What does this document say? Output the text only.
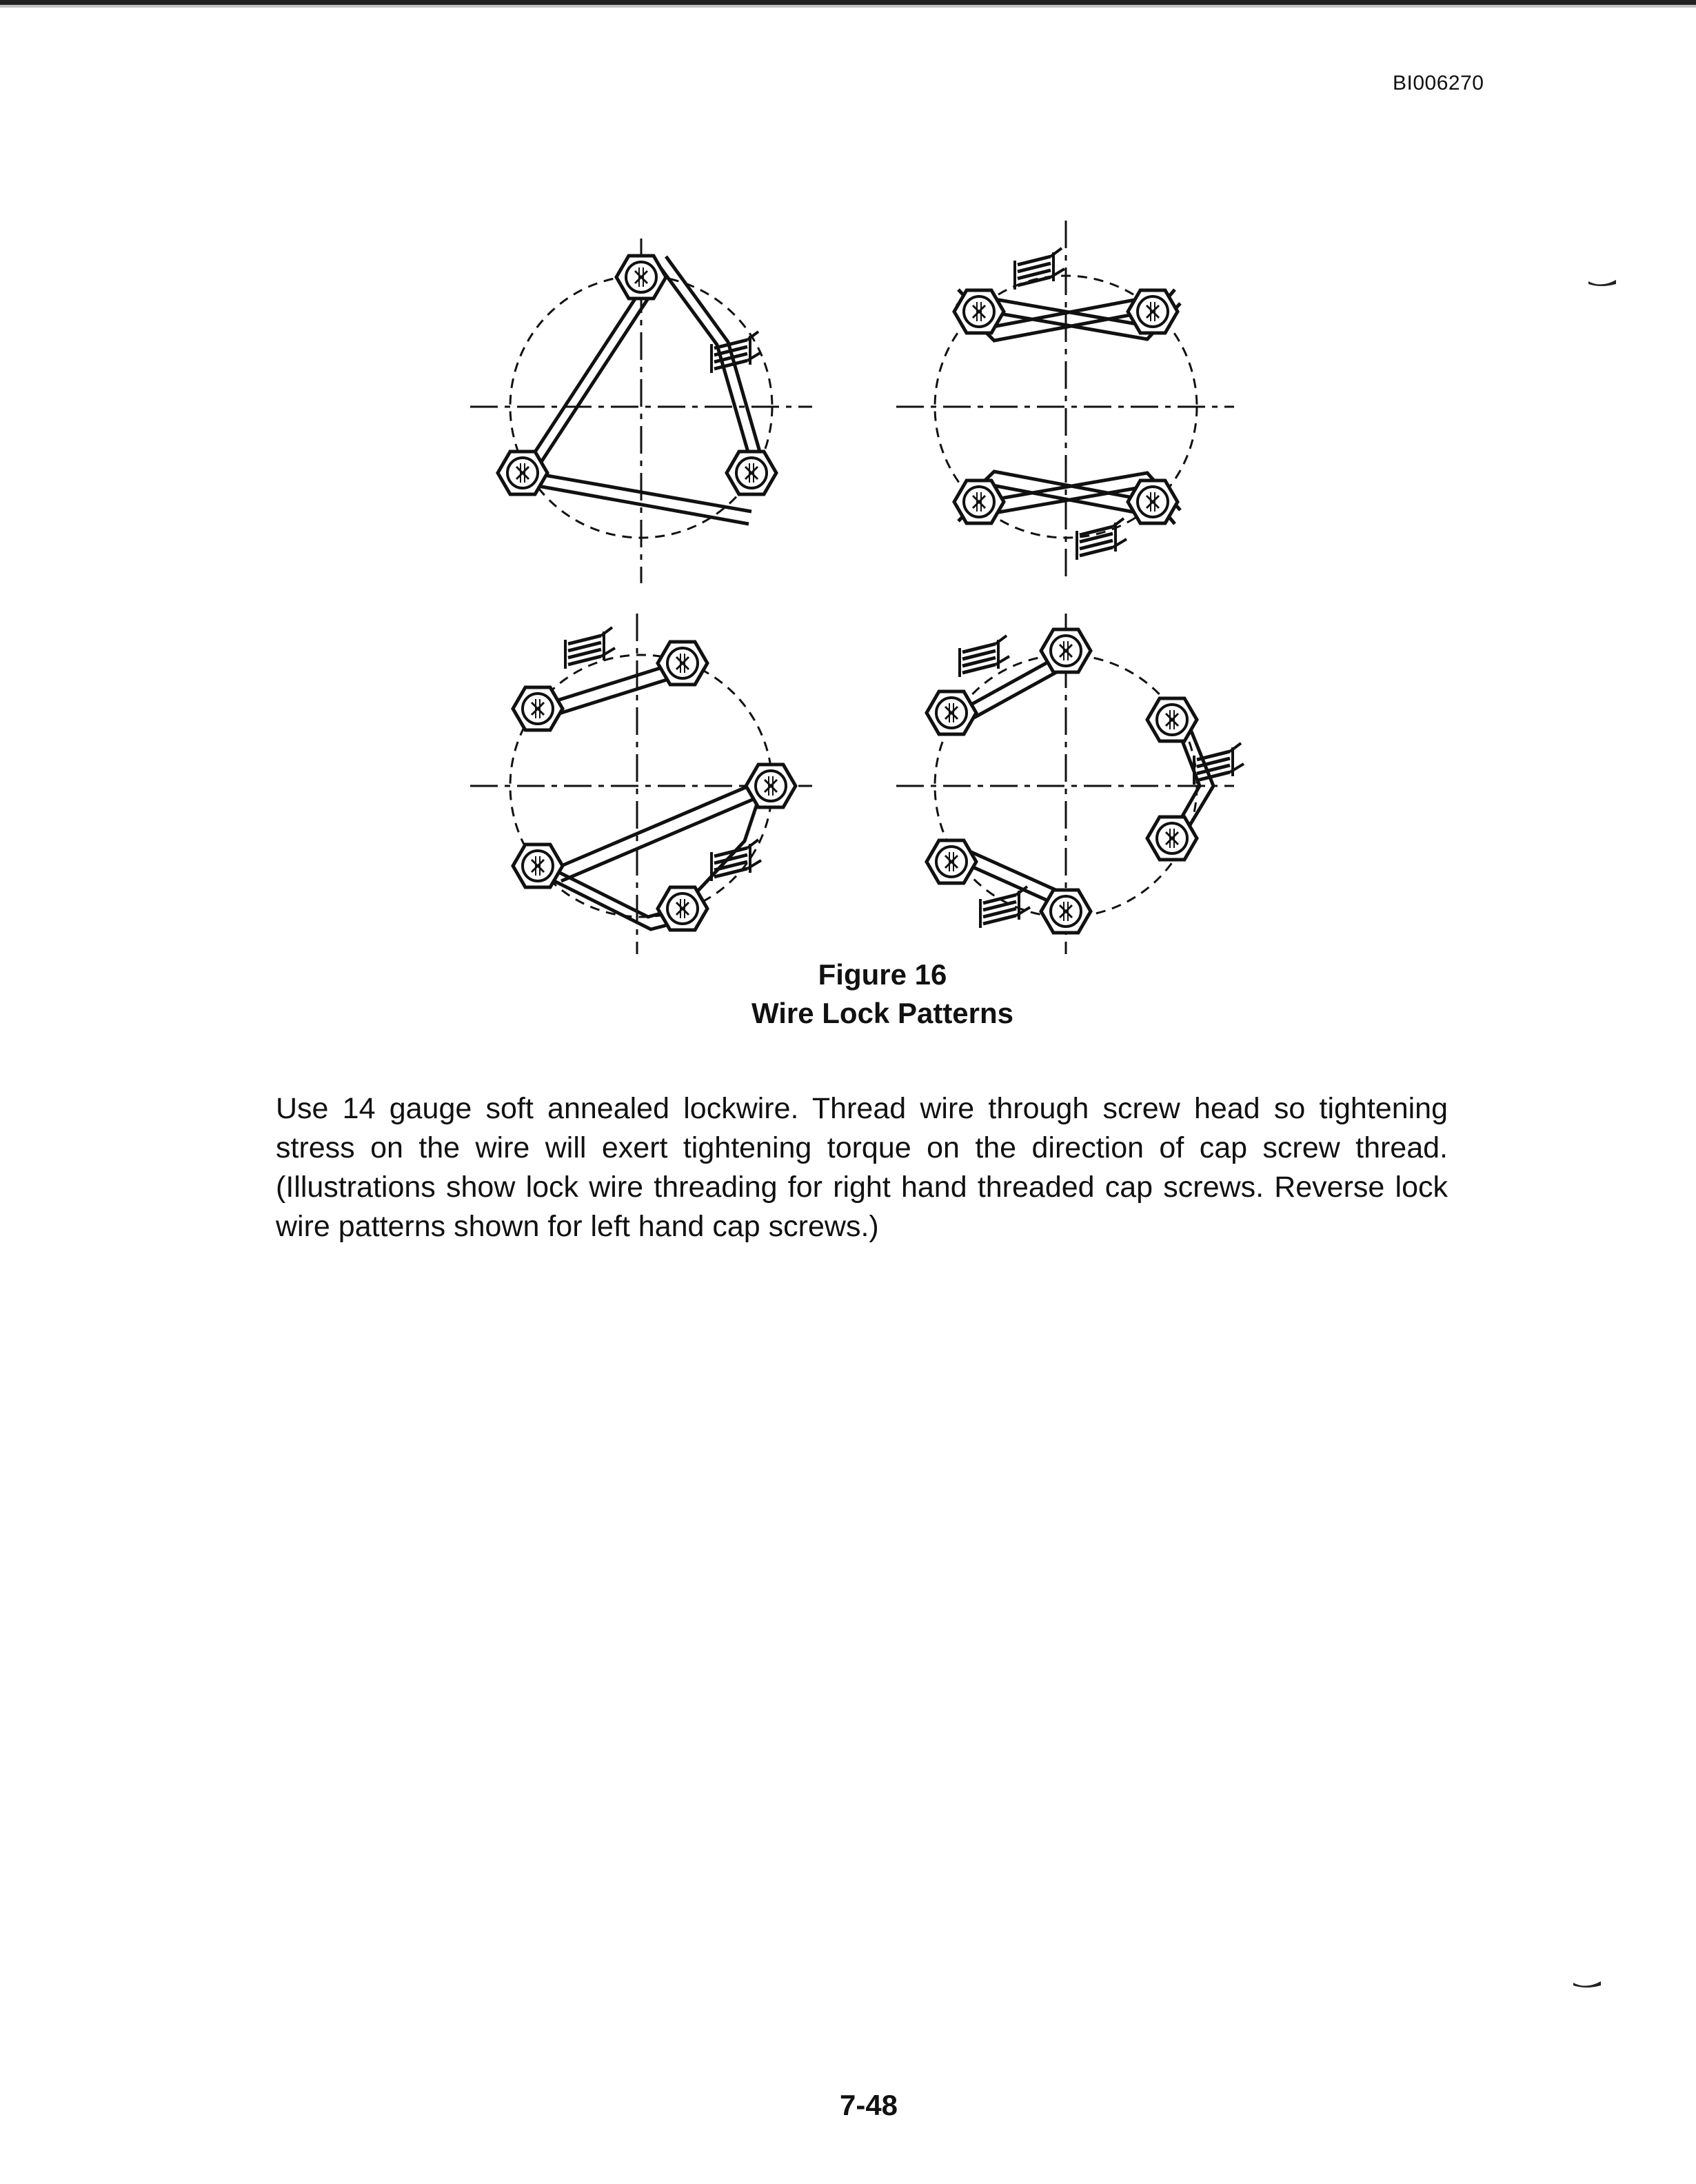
BI006270
Figure 16
Wire Lock Patterns
Use 14 gauge soft annealed lockwire. Thread wire through screw head so tightening stress on the wire will exert tightening torque on the direction of cap screw thread. (Illustrations show lock wire threading for right hand threaded cap screws. Reverse lock wire patterns shown for left hand cap screws.)
7-48
